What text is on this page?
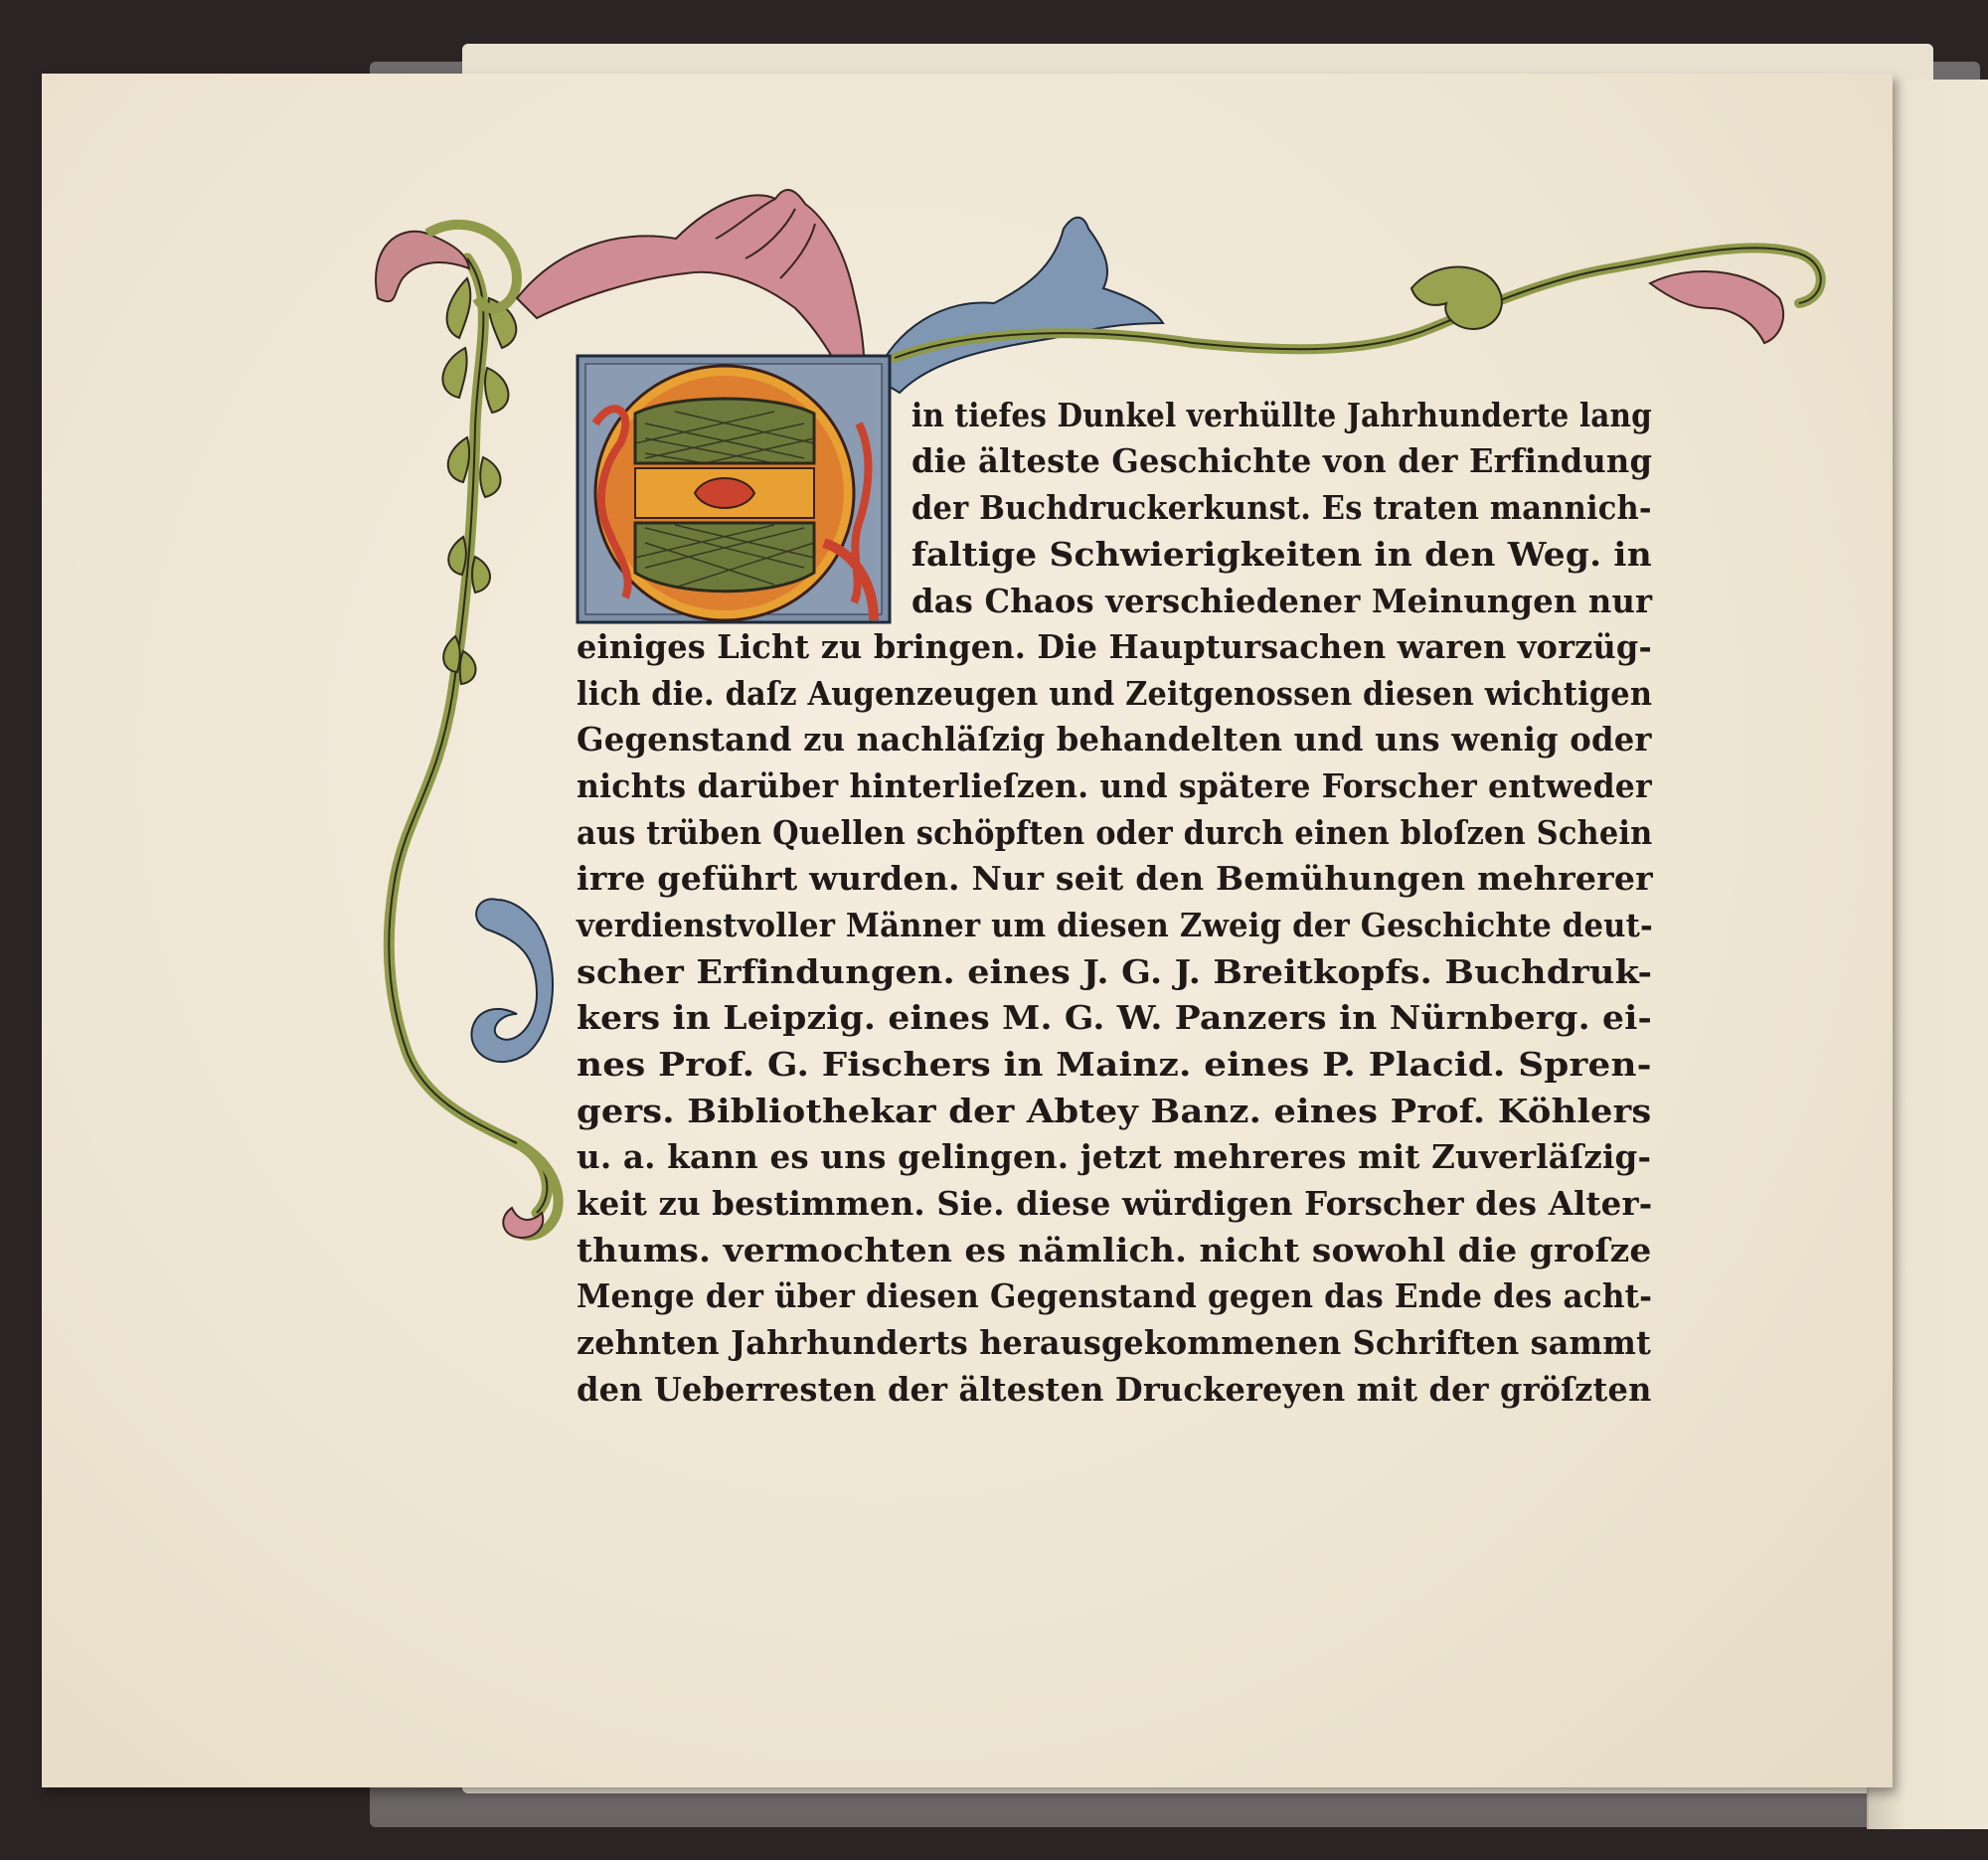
in tiefes Dunkel verhüllte Jahrhunderte lang
die älteste Geschichte von der Erfindung
der Buchdruckerkunst. Es traten mannich-
faltige Schwierigkeiten in den Weg. in
das Chaos verschiedener Meinungen nur
einiges Licht zu bringen. Die Hauptursachen waren vorzüg-
lich die. daſz Augenzeugen und Zeitgenossen diesen wichtigen
Gegenstand zu nachläſzig behandelten und uns wenig oder
nichts darüber hinterlieſzen. und spätere Forscher entweder
aus trüben Quellen schöpften oder durch einen bloſzen Schein
irre geführt wurden. Nur seit den Bemühungen mehrerer
verdienstvoller Männer um diesen Zweig der Geschichte deut-
scher Erfindungen. eines J. G. J. Breitkopfs. Buchdruk-
kers in Leipzig. eines M. G. W. Panzers in Nürnberg. ei-
nes Prof. G. Fischers in Mainz. eines P. Placid. Spren-
gers. Bibliothekar der Abtey Banz. eines Prof. Köhlers
u. a. kann es uns gelingen. jetzt mehreres mit Zuverläſzig-
keit zu bestimmen. Sie. diese würdigen Forscher des Alter-
thums. vermochten es nämlich. nicht sowohl die groſze
Menge der über diesen Gegenstand gegen das Ende des acht-
zehnten Jahrhunderts herausgekommenen Schriften sammt
den Ueberresten der ältesten Druckereyen mit der gröſzten
